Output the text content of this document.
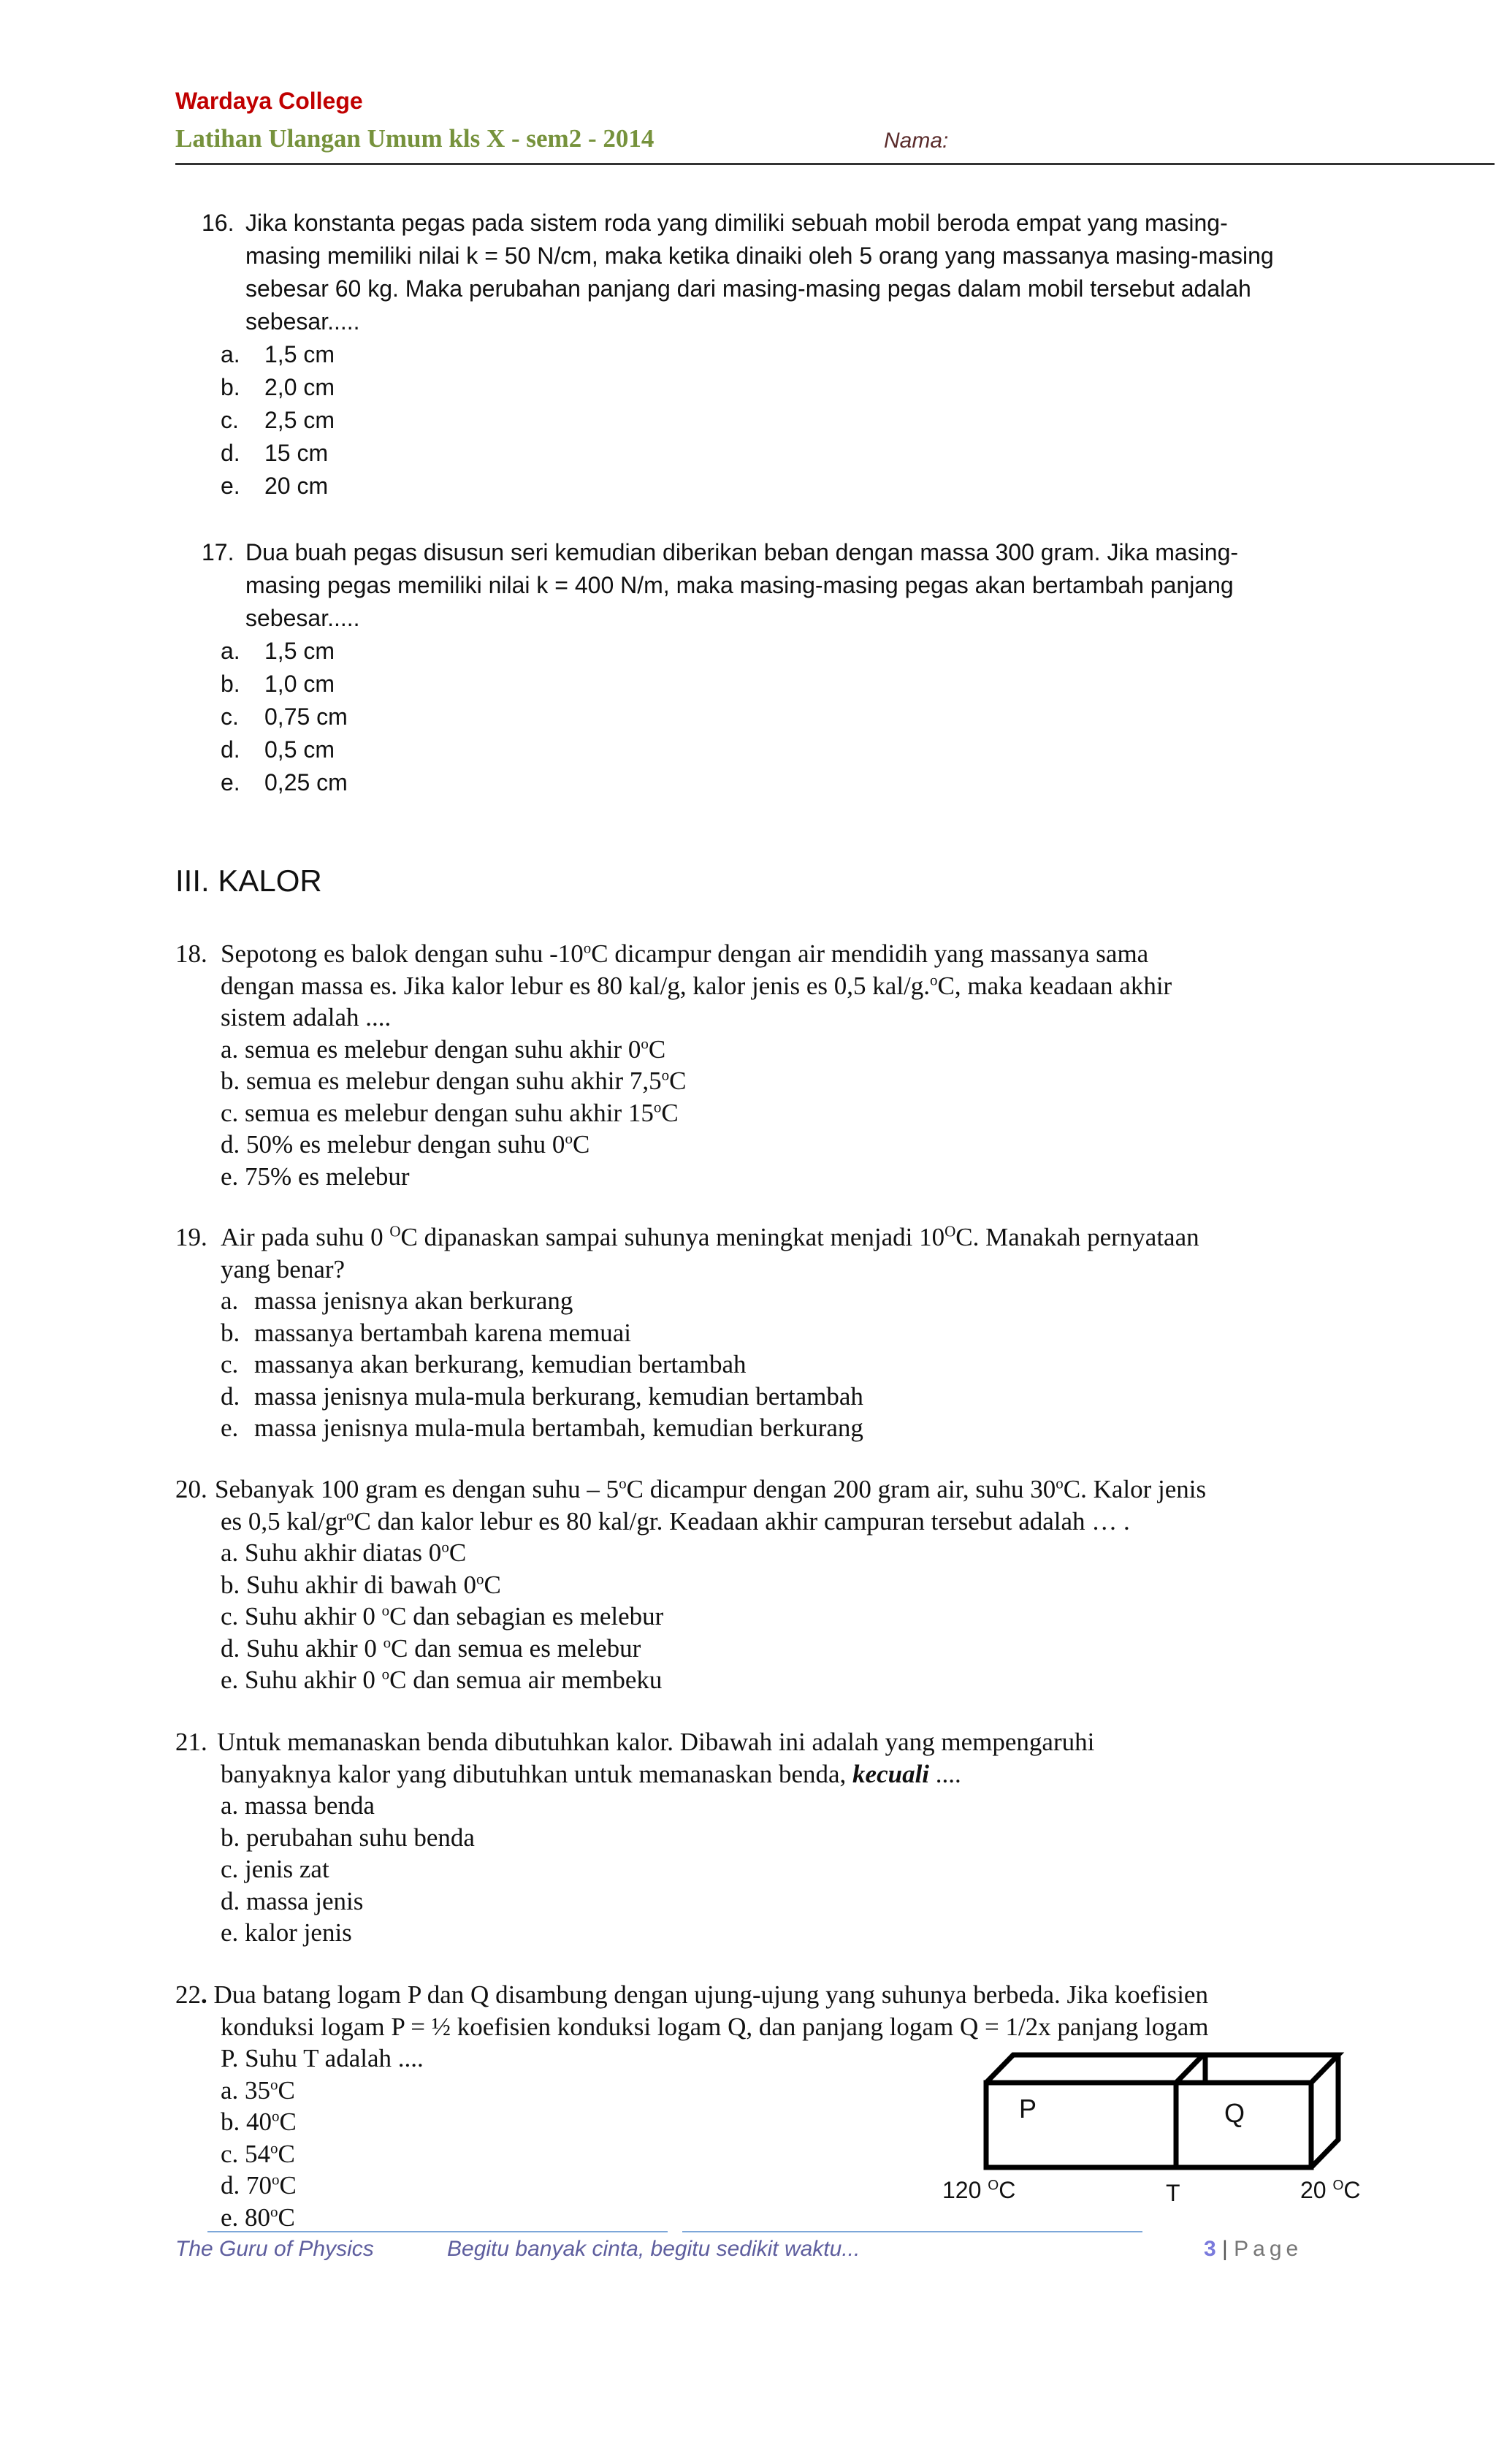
Wardaya College
Latihan Ulangan Umum kls X - sem2 - 2014	Nama:
16. Jika konstanta pegas pada sistem roda yang dimiliki sebuah mobil beroda empat yang masing-
masing memiliki nilai k = 50 N/cm, maka ketika dinaiki oleh 5 orang yang massanya masing-masing
sebesar 60 kg. Maka perubahan panjang dari masing-masing pegas dalam mobil tersebut adalah
sebesar.....
a. 1,5 cm
b. 2,0 cm
c. 2,5 cm
d. 15 cm
e. 20 cm
17. Dua buah pegas disusun seri kemudian diberikan beban dengan massa 300 gram. Jika masing-
masing pegas memiliki nilai k = 400 N/m, maka masing-masing pegas akan bertambah panjang
sebesar.....
a. 1,5 cm
b. 1,0 cm
c. 0,75 cm
d. 0,5 cm
e. 0,25 cm
III. KALOR
18. Sepotong es balok dengan suhu -10$^o$C dicampur dengan air mendidih yang massanya sama
dengan massa es. Jika kalor lebur es 80 kal/g, kalor jenis es 0,5 kal/g.$^o$C, maka keadaan akhir
sistem adalah ....
a. semua es melebur dengan suhu akhir 0$^o$C
b. semua es melebur dengan suhu akhir 7,5$^o$C
c. semua es melebur dengan suhu akhir 15$^o$C
d. 50% es melebur dengan suhu 0$^o$C
e. 75% es melebur
19. Air pada suhu 0 $^O$C dipanaskan sampai suhunya meningkat menjadi $10^OC$. Manakah pernyataan
yang benar?
a. massa jenisnya akan berkurang
b. massanya bertambah karena memuai
c. massanya akan berkurang, kemudian bertambah
d. massa jenisnya mula-mula berkurang, kemudian bertambah
e. massa jenisnya mula-mula bertambah, kemudian berkurang
20. Sebanyak 100 gram es dengan suhu – 5$^o$C dicampur dengan 200 gram air, suhu 30$^o$C. Kalor jenis
es 0,5 kal/$gr^oC$ dan kalor lebur es 80 kal/gr. Keadaan akhir campuran tersebut adalah … .
a. Suhu akhir diatas 0$^o$C
b. Suhu akhir di bawah 0$^o$C
c. Suhu akhir 0 $^o$C dan sebagian es melebur
d. Suhu akhir 0 $^o$C dan semua es melebur
e. Suhu akhir 0 $^o$C dan semua air membeku
21. Untuk memanaskan benda dibutuhkan kalor. Dibawah ini adalah yang mempengaruhi
banyaknya kalor yang dibutuhkan untuk memanaskan benda, kecuali ....
a. massa benda
b. perubahan suhu benda
c. jenis zat
d. massa jenis
e. kalor jenis
22. Dua batang logam P dan Q disambung dengan ujung-ujung yang suhunya berbeda. Jika koefisien
konduksi logam P = ½ koefisien konduksi logam Q, dan panjang logam Q = 1/2x panjang logam
P. Suhu T adalah ....
a. 35$^o$C
b. 40$^o$C
c. 54$^o$C
d. 70$^o$C
e. 80$^o$C
P	Q
120 $^O$C	T	20 $^O$C
The Guru of Physics	Begitu banyak cinta, begitu sedikit waktu...	3 | Page
